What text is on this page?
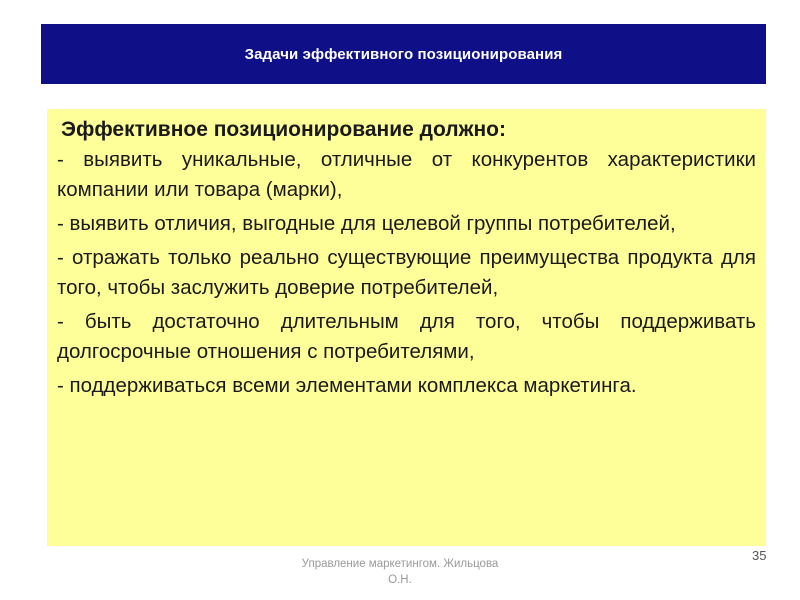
Задачи эффективного позиционирования
Эффективное позиционирование должно:
- выявить уникальные, отличные от конкурентов характеристики компании или товара (марки),
- выявить отличия, выгодные для целевой группы потребителей,
- отражать только реально существующие преимущества продукта для того, чтобы заслужить доверие потребителей,
- быть достаточно длительным для того, чтобы поддерживать долгосрочные отношения с потребителями,
- поддерживаться всеми элементами комплекса маркетинга.
Управление маркетингом. Жильцова
О.Н.
35
